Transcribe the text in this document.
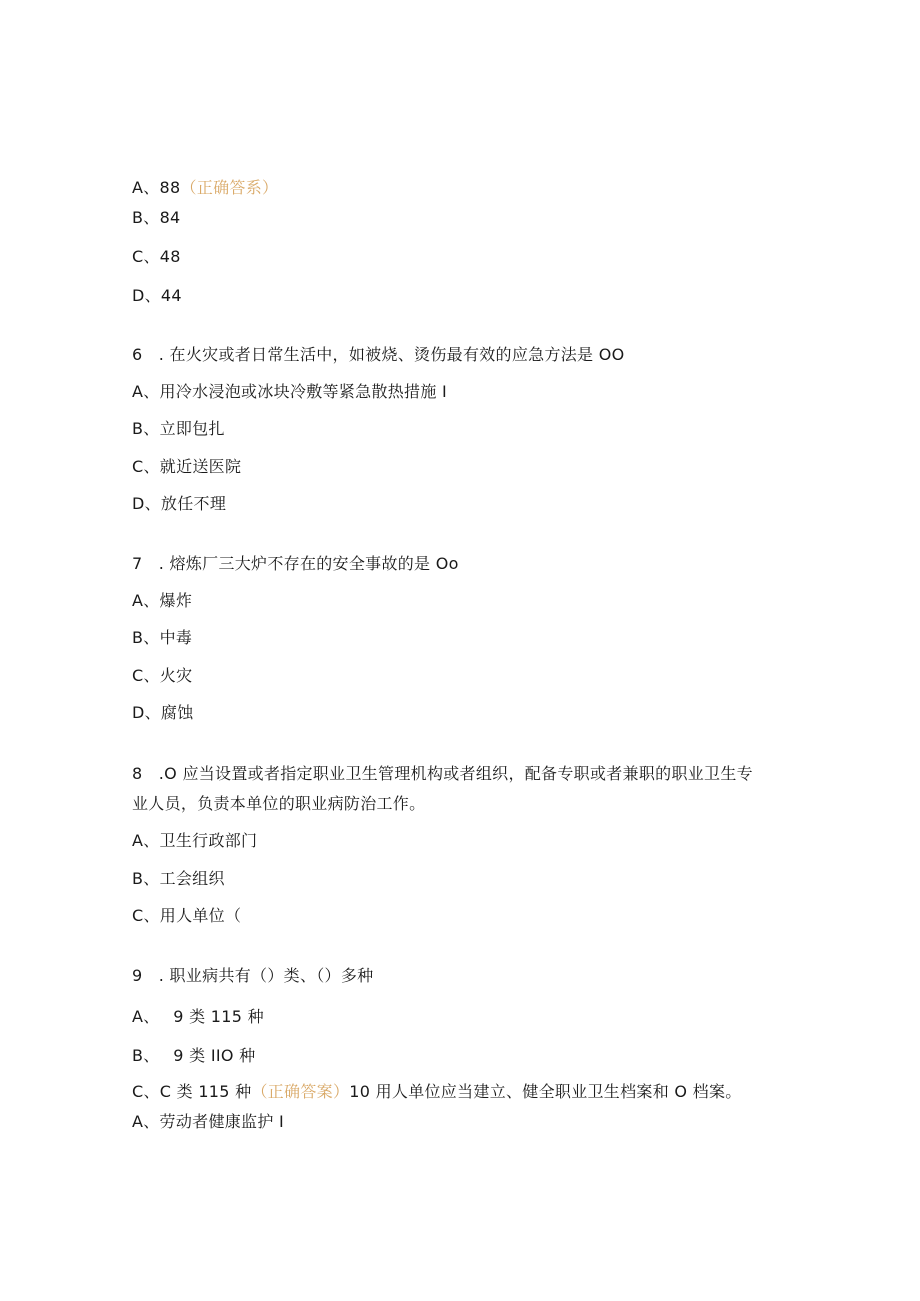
A、88（正确答系）
B、84
C、48
D、44
6　. 在火灾或者日常生活中，如被烧、烫伤最有效的应急方法是 OO
A、用冷水浸泡或冰块冷敷等紧急散热措施 I
B、立即包扎
C、就近送医院
D、放任不理
7　. 熔炼厂三大炉不存在的安全事故的是 Oo
A、爆炸
B、中毒
C、火灾
D、腐蚀
8　.O 应当设置或者指定职业卫生管理机构或者组织，配备专职或者兼职的职业卫生专
业人员，负责本单位的职业病防治工作。
A、卫生行政部门
B、工会组织
C、用人单位（
9　. 职业病共有（）类、（）多种
A、　 9 类 115 种
B、　 9 类 IIO 种
C、C 类 115 种（正确答案）10 用人单位应当建立、健全职业卫生档案和 O 档案。
A、劳动者健康监护 I
